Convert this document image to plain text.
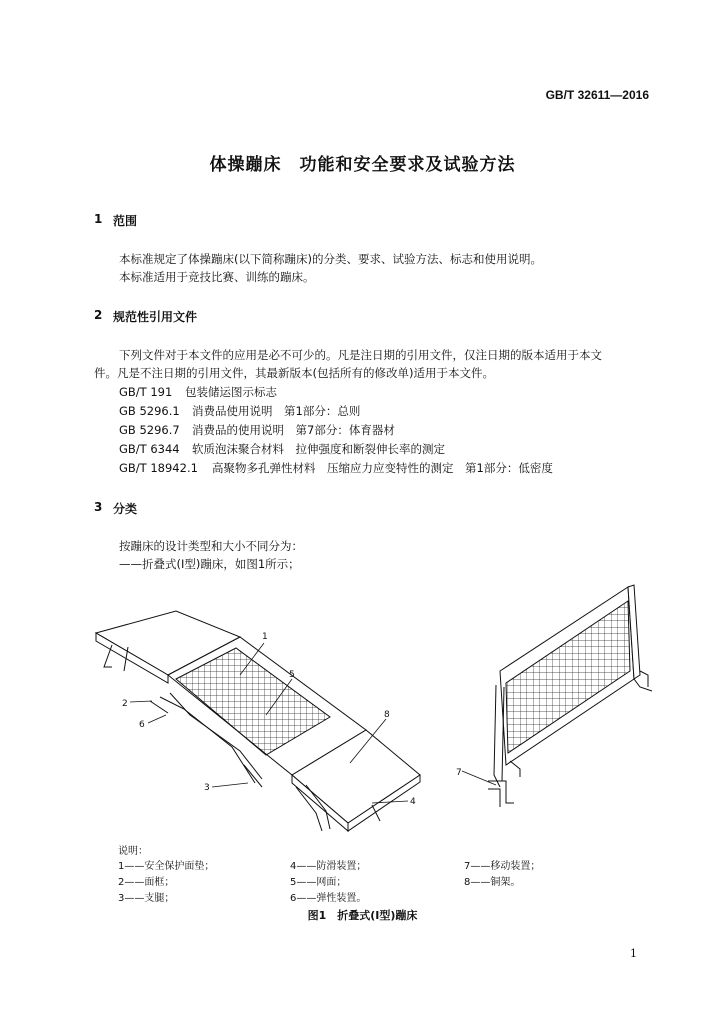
GB/T 32611—2016
体操蹦床　功能和安全要求及试验方法
1 范围
本标准规定了体操蹦床(以下简称蹦床)的分类、要求、试验方法、标志和使用说明。
本标准适用于竞技比赛、训练的蹦床。
2 规范性引用文件
下列文件对于本文件的应用是必不可少的。凡是注日期的引用文件，仅注日期的版本适用于本文
件。凡是不注日期的引用文件，其最新版本(包括所有的修改单)适用于本文件。
GB/T 191 包装储运图示标志
GB 5296.1 消费品使用说明　第1部分：总则
GB 5296.7 消费品的使用说明　第7部分：体育器材
GB/T 6344 软质泡沫聚合材料　拉伸强度和断裂伸长率的测定
GB/T 18942.1 高聚物多孔弹性材料　压缩应力应变特性的测定　第1部分：低密度
3 分类
按蹦床的设计类型和大小不同分为：
——折叠式(Ⅰ型)蹦床，如图1所示；
1
2
3
4
5
6
7
8
说明：
1——安全保护面垫；	4——防滑装置；	7——移动装置；
2——面框；	5——网面；	8——铜架。
3——支腿；	6——弹性装置。
图1　折叠式(Ⅰ型)蹦床
1
